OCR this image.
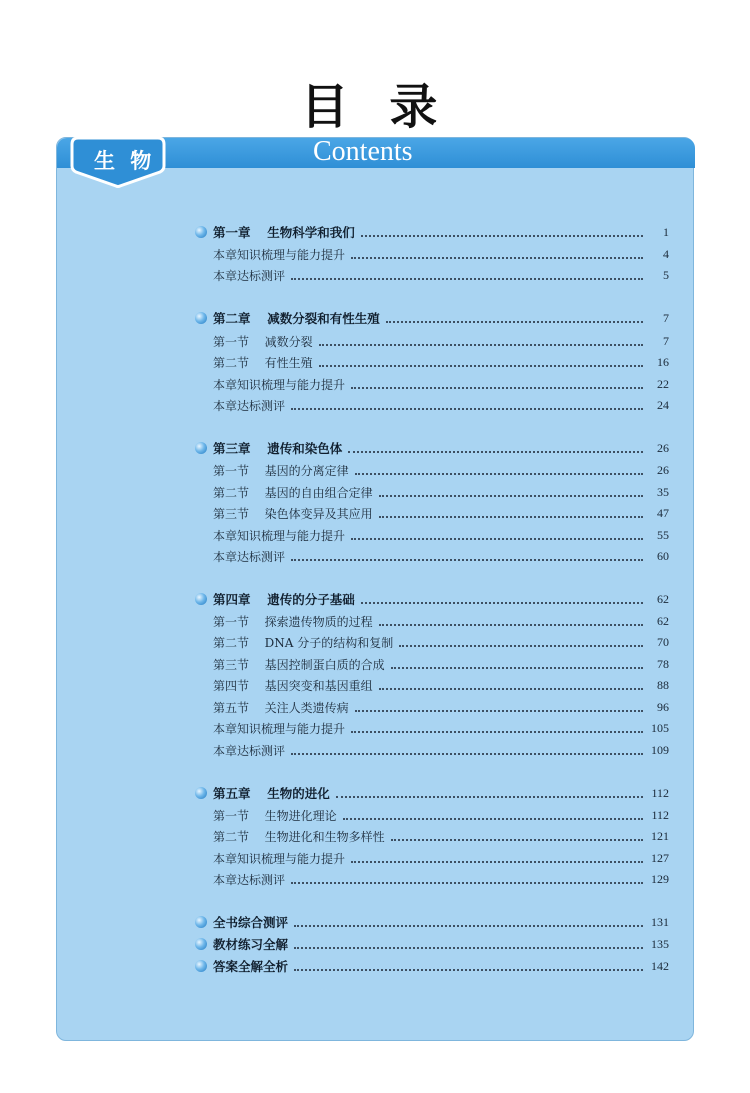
目 录
Contents
第一章 生物科学和我们	1
本章知识梳理与能力提升	4
本章达标测评	5
第二章 减数分裂和有性生殖	7
第一节 减数分裂	7
第二节 有性生殖	16
本章知识梳理与能力提升	22
本章达标测评	24
第三章 遗传和染色体	26
第一节 基因的分离定律	26
第二节 基因的自由组合定律	35
第三节 染色体变异及其应用	47
本章知识梳理与能力提升	55
本章达标测评	60
第四章 遗传的分子基础	62
第一节 探索遗传物质的过程	62
第二节 DNA 分子的结构和复制	70
第三节 基因控制蛋白质的合成	78
第四节 基因突变和基因重组	88
第五节 关注人类遗传病	96
本章知识梳理与能力提升	105
本章达标测评	109
第五章 生物的进化	112
第一节 生物进化理论	112
第二节 生物进化和生物多样性	121
本章知识梳理与能力提升	127
本章达标测评	129
全书综合测评	131
教材练习全解	135
答案全解全析	142
生 物
